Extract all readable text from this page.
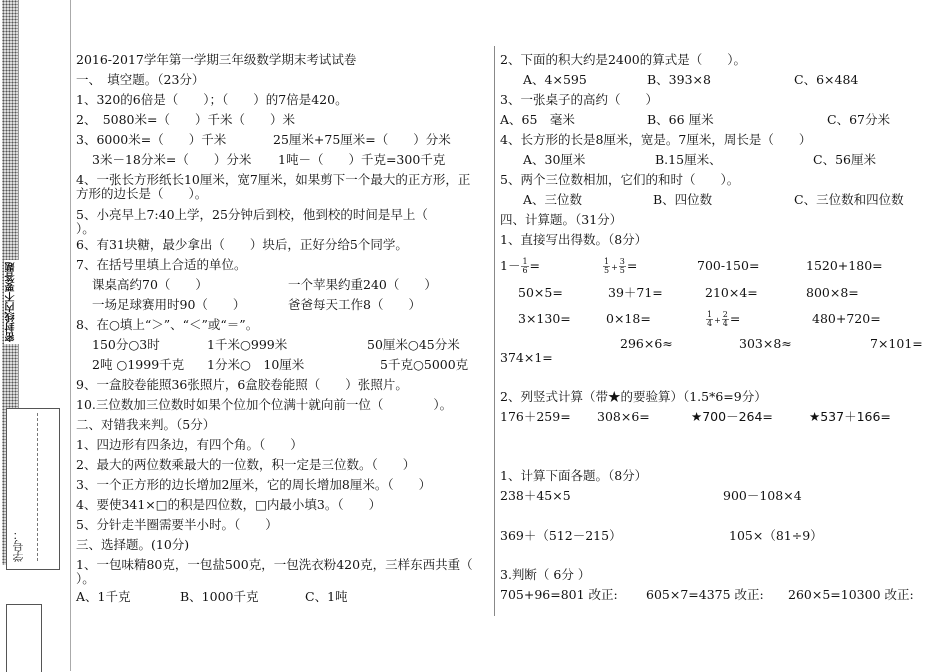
密封线内不要答题
学号：
2016-2017学年第一学期三年级数学期末考试试卷
一、　填空题。（23分）
1、320的6倍是（　　）；（　　）的7倍是420。
2、　5080米=（　　）千米（　　）米
3、6000米=（　　）千米	25厘米+75厘米=（　　）分米
3米－18分米=（　　）分米 1吨－（　　）千克=300千克
4、一张长方形纸长10厘米，宽7厘米，如果剪下一个最大的正方形，正
方形的边长是（　　）。
5、小亮早上7:40上学，25分钟后到校，他到校的时间是早上（
）。
6、有31块糖，最少拿出（　　）块后，正好分给5个同学。
7、在括号里填上合适的单位。
课桌高约70（　　）	一个苹果约重240（　　）
一场足球赛用时90（　　）	爸爸每天工作8（　　）
8、在○填上“＞”、“＜”或“＝”。
150分○3时	1千米○999米	50厘米○45分米
2吨 ○1999千克 1分米○　10厘米	5千克○5000克
9、一盒胶卷能照36张照片，6盒胶卷能照（　　）张照片。
10.三位数加三位数时如果个位加个位满十就向前一位（　　　　）。
二、对错我来判。（5分）
1、四边形有四条边，有四个角。（　　）
2、最大的两位数乘最大的一位数，积一定是三位数。（　　）
3、一个正方形的边长增加2厘米，它的周长增加8厘米。（　　）
4、要使341×□的积是四位数，□内最小填3。（　　）
5、分针走半圈需要半小时。（　　）
三、选择题。(10分)
1、一包味精80克，一包盐500克，一包洗衣粉420克，三样东西共重（
）。
A、1千克	B、1000千克	C、1吨
2、下面的积大约是2400的算式是（　　）。
A、4×595	B、393×8	C、6×484
3、一张桌子的高约（　　）
A、65　毫米	B、66 厘米	C、67分米
4、长方形的长是8厘米，宽是。7厘米，周长是（　　）
A、30厘米	B.15厘米、	C、56厘米
5、两个三位数相加，它们的和时（　　）。
A、三位数	B、四位数	C、三位数和四位数
四、计算题。（31分）
1、直接写出得数。（8分）
$1- \frac{1}{6}$ =	$\frac{1}{5} + \frac{3}{5}$ =	700-150=	1520+180=
50×5=	39＋71=	210×4=	800×8=
3×130=	0×18=	$\frac{1}{4} + \frac{2}{4}$ =	480+720=
296×6≈	303×8≈	7×101=
374×1=
2、列竖式计算（带★的要验算）（1.5*6=9分）
176＋259= 308×6=	★700－264=	★537＋166=
1、计算下面各题。（8分）
238＋45×5	900－108×4
369＋（512－215）	105×（81÷9）
3.判断（ 6分 ）
705+96=801 改正: 605×7=4375 改正: 260×5=10300 改正:
